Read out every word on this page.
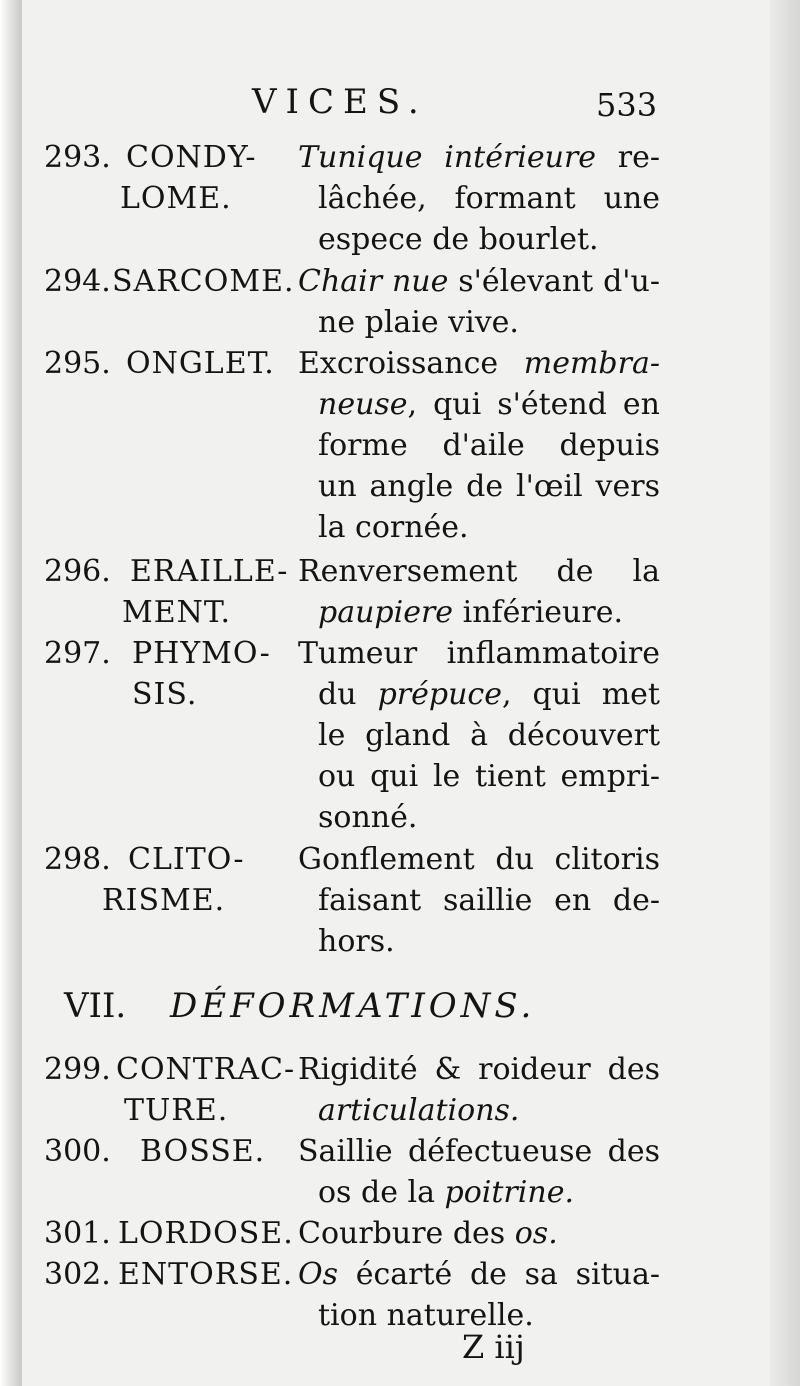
VICES.	533
293. CONDY- Tunique intérieure re-
LOME.	lâchée, formant une
espece de bourlet.
294. SARCOME. Chair nue s'élevant d'u-
ne plaie vive.
295. ONGLET. Excroissance membra-
neuse, qui s'étend en
forme d'aile depuis
un angle de l'œil vers
la cornée.
296. ERAILLE- Renversement de la
MENT.	paupiere inférieure.
297. PHYMO- Tumeur inflammatoire
SIS.	du prépuce, qui met
le gland à découvert
ou qui le tient empri-
sonné.
298. CLITO- Gonflement du clitoris
RISME.	faisant saillie en de-
hors.
VII. DÉFORMATIONS.
299. CONTRAC- Rigidité & roideur des
TURE.	articulations.
300. BOSSE. Saillie défectueuse des
os de la poitrine.
301. LORDOSE. Courbure des os.
302. ENTORSE. Os écarté de sa situa-
tion naturelle.
Z iij
